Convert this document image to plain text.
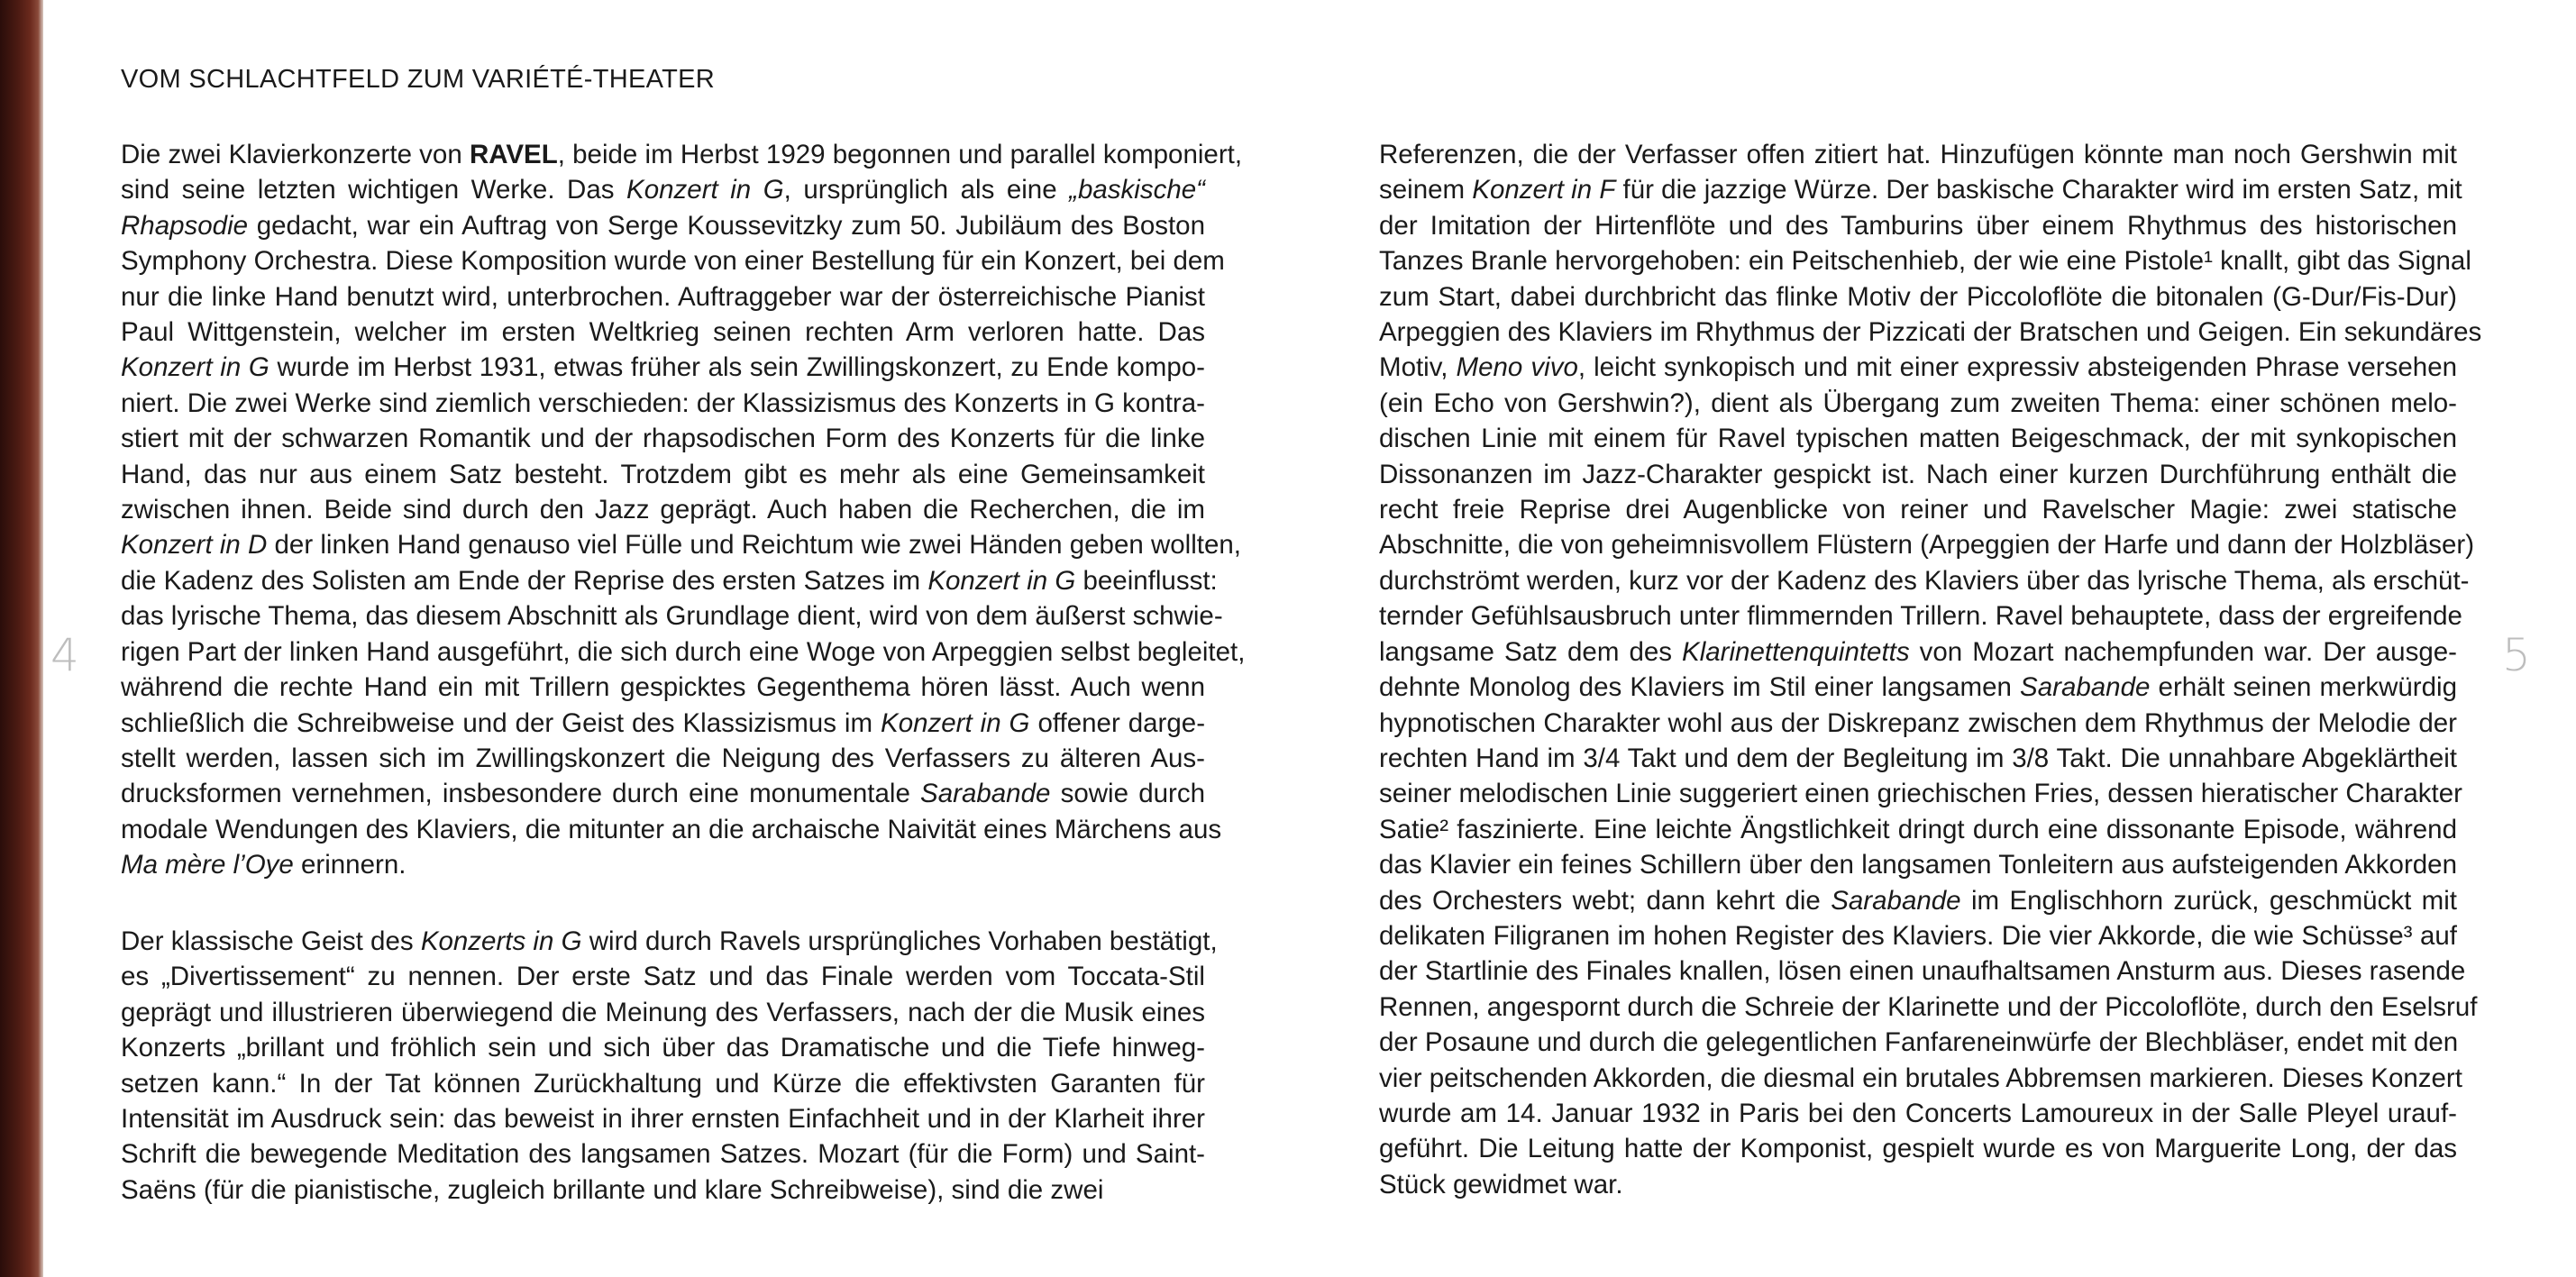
4	5
VOM SCHLACHTFELD ZUM VARIÉTÉ-THEATER

Die zwei Klavierkonzerte von RAVEL, beide im Herbst 1929 begonnen und parallel komponiert,
sind seine letzten wichtigen Werke. Das Konzert in G, ursprünglich als eine „baskische“
Rhapsodie gedacht, war ein Auftrag von Serge Koussevitzky zum 50. Jubiläum des Boston
Symphony Orchestra. Diese Komposition wurde von einer Bestellung für ein Konzert, bei dem
nur die linke Hand benutzt wird, unterbrochen. Auftraggeber war der österreichische Pianist
Paul Wittgenstein, welcher im ersten Weltkrieg seinen rechten Arm verloren hatte. Das
Konzert in G wurde im Herbst 1931, etwas früher als sein Zwillingskonzert, zu Ende kompo-
niert. Die zwei Werke sind ziemlich verschieden: der Klassizismus des Konzerts in G kontra-
stiert mit der schwarzen Romantik und der rhapsodischen Form des Konzerts für die linke
Hand, das nur aus einem Satz besteht. Trotzdem gibt es mehr als eine Gemeinsamkeit
zwischen ihnen. Beide sind durch den Jazz geprägt. Auch haben die Recherchen, die im
Konzert in D der linken Hand genauso viel Fülle und Reichtum wie zwei Händen geben wollten,
die Kadenz des Solisten am Ende der Reprise des ersten Satzes im Konzert in G beeinflusst:
das lyrische Thema, das diesem Abschnitt als Grundlage dient, wird von dem äußerst schwie-
rigen Part der linken Hand ausgeführt, die sich durch eine Woge von Arpeggien selbst begleitet,
während die rechte Hand ein mit Trillern gespicktes Gegenthema hören lässt. Auch wenn
schließlich die Schreibweise und der Geist des Klassizismus im Konzert in G offener darge-
stellt werden, lassen sich im Zwillingskonzert die Neigung des Verfassers zu älteren Aus-
drucksformen vernehmen, insbesondere durch eine monumentale Sarabande sowie durch
modale Wendungen des Klaviers, die mitunter an die archaische Naivität eines Märchens aus
Ma mère l’Oye erinnern.

Der klassische Geist des Konzerts in G wird durch Ravels ursprüngliches Vorhaben bestätigt,
es „Divertissement“ zu nennen. Der erste Satz und das Finale werden vom Toccata-Stil
geprägt und illustrieren überwiegend die Meinung des Verfassers, nach der die Musik eines
Konzerts „brillant und fröhlich sein und sich über das Dramatische und die Tiefe hinweg-
setzen kann.“ In der Tat können Zurückhaltung und Kürze die effektivsten Garanten für
Intensität im Ausdruck sein: das beweist in ihrer ernsten Einfachheit und in der Klarheit ihrer
Schrift die bewegende Meditation des langsamen Satzes. Mozart (für die Form) und Saint-
Saëns (für die pianistische, zugleich brillante und klare Schreibweise), sind die zwei

Referenzen, die der Verfasser offen zitiert hat. Hinzufügen könnte man noch Gershwin mit
seinem Konzert in F für die jazzige Würze. Der baskische Charakter wird im ersten Satz, mit
der Imitation der Hirtenflöte und des Tamburins über einem Rhythmus des historischen
Tanzes Branle hervorgehoben: ein Peitschenhieb, der wie eine Pistole¹ knallt, gibt das Signal
zum Start, dabei durchbricht das flinke Motiv der Piccoloflöte die bitonalen (G-Dur/Fis-Dur)
Arpeggien des Klaviers im Rhythmus der Pizzicati der Bratschen und Geigen. Ein sekundäres
Motiv, Meno vivo, leicht synkopisch und mit einer expressiv absteigenden Phrase versehen
(ein Echo von Gershwin?), dient als Übergang zum zweiten Thema: einer schönen melo-
dischen Linie mit einem für Ravel typischen matten Beigeschmack, der mit synkopischen
Dissonanzen im Jazz-Charakter gespickt ist. Nach einer kurzen Durchführung enthält die
recht freie Reprise drei Augenblicke von reiner und Ravelscher Magie: zwei statische
Abschnitte, die von geheimnisvollem Flüstern (Arpeggien der Harfe und dann der Holzbläser)
durchströmt werden, kurz vor der Kadenz des Klaviers über das lyrische Thema, als erschüt-
ternder Gefühlsausbruch unter flimmernden Trillern. Ravel behauptete, dass der ergreifende
langsame Satz dem des Klarinettenquintetts von Mozart nachempfunden war. Der ausge-
dehnte Monolog des Klaviers im Stil einer langsamen Sarabande erhält seinen merkwürdig
hypnotischen Charakter wohl aus der Diskrepanz zwischen dem Rhythmus der Melodie der
rechten Hand im 3/4 Takt und dem der Begleitung im 3/8 Takt. Die unnahbare Abgeklärtheit
seiner melodischen Linie suggeriert einen griechischen Fries, dessen hieratischer Charakter
Satie² faszinierte. Eine leichte Ängstlichkeit dringt durch eine dissonante Episode, während
das Klavier ein feines Schillern über den langsamen Tonleitern aus aufsteigenden Akkorden
des Orchesters webt; dann kehrt die Sarabande im Englischhorn zurück, geschmückt mit
delikaten Filigranen im hohen Register des Klaviers. Die vier Akkorde, die wie Schüsse³ auf
der Startlinie des Finales knallen, lösen einen unaufhaltsamen Ansturm aus. Dieses rasende
Rennen, angespornt durch die Schreie der Klarinette und der Piccoloflöte, durch den Eselsruf
der Posaune und durch die gelegentlichen Fanfareneinwürfe der Blechbläser, endet mit den
vier peitschenden Akkorden, die diesmal ein brutales Abbremsen markieren. Dieses Konzert
wurde am 14. Januar 1932 in Paris bei den Concerts Lamoureux in der Salle Pleyel urauf-
geführt. Die Leitung hatte der Komponist, gespielt wurde es von Marguerite Long, der das
Stück gewidmet war.
